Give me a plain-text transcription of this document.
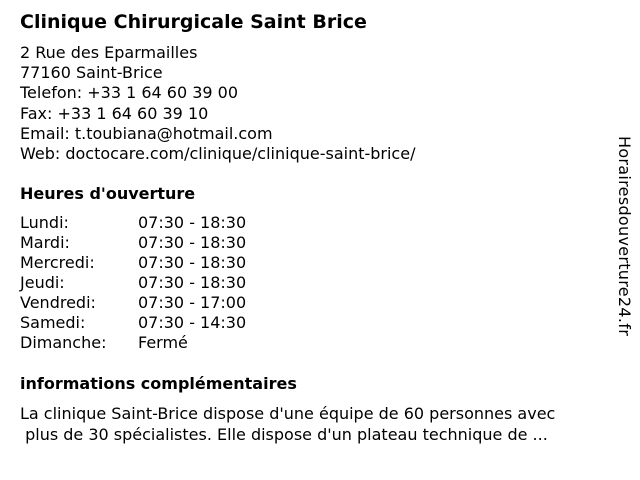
Clinique Chirurgicale Saint Brice
2 Rue des Eparmailles
77160 Saint-Brice
Telefon: +33 1 64 60 39 00
Fax: +33 1 64 60 39 10
Email: t.toubiana@hotmail.com
Web: doctocare.com/clinique/clinique-saint-brice/
Heures d'ouverture
Lundi:	07:30 - 18:30
Mardi:	07:30 - 18:30
Mercredi:	07:30 - 18:30
Jeudi:	07:30 - 18:30
Vendredi:	07:30 - 17:00
Samedi:	07:30 - 14:30
Dimanche:	Fermé
informations complémentaires
La clinique Saint-Brice dispose d'une équipe de 60 personnes avec
plus de 30 spécialistes. Elle dispose d'un plateau technique de ...
Horairesdouverture24.fr
